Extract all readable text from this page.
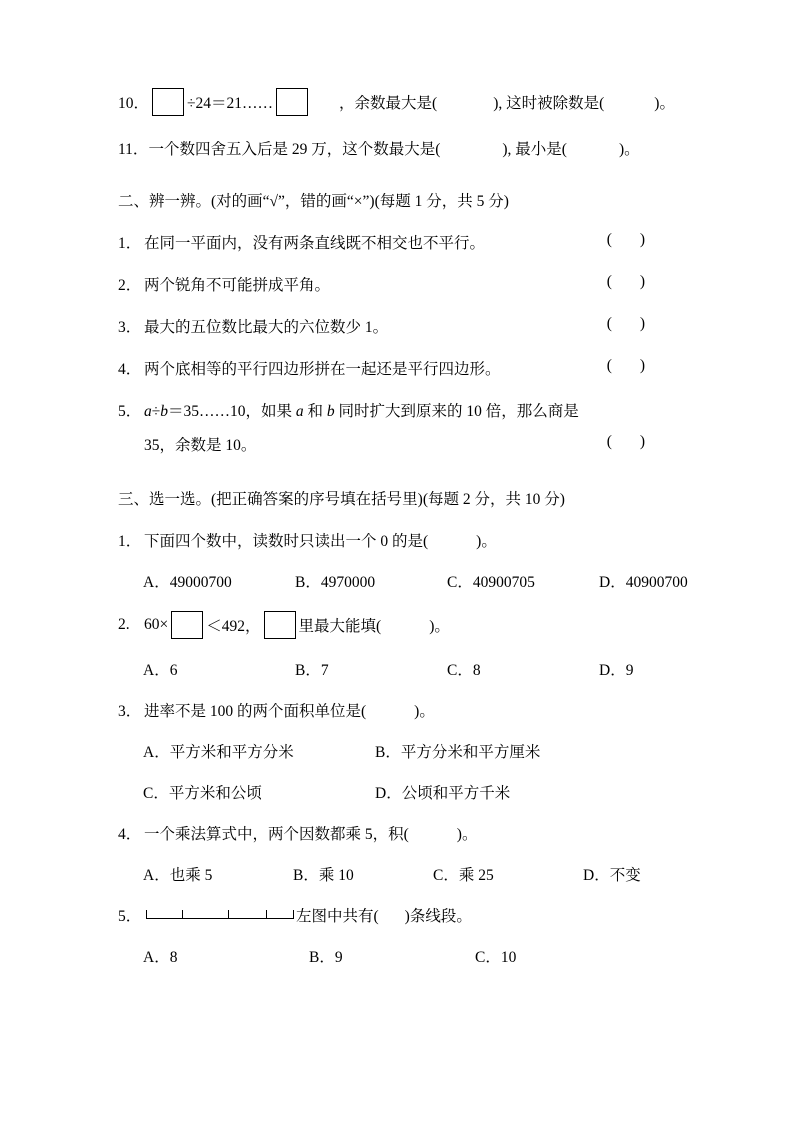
10． ÷24＝21……	，余数最大是(	), 这时被除数是(	)。
11． 一个数四舍五入后是 29 万，这个数最大是(	), 最小是(	)。
二、辨一辨。(对的画“√”，错的画“×”)(每题 1 分，共 5 分)
1． 在同一平面内，没有两条直线既不相交也不平行。	( )
2． 两个锐角不可能拼成平角。	( )
3． 最大的五位数比最大的六位数少 1。	( )
4． 两个底相等的平行四边形拼在一起还是平行四边形。	( )
5． a÷b＝35……10，如果 a 和 b 同时扩大到原来的 10 倍，那么商是
35，余数是 10。	( )
三、选一选。(把正确答案的序号填在括号里)(每题 2 分，共 10 分)
1． 下面四个数中，读数时只读出一个 0 的是(	)。
A．49000700	B．4970000	C．40900705	D．40900700
2. 60× ＜492， 里最大能填(	)。
A．6	B．7	C．8	D．9
3． 进率不是 100 的两个面积单位是(	)。
A．平方米和平方分米	B．平方分米和平方厘米
C．平方米和公顷	D．公顷和平方千米
4． 一个乘法算式中，两个因数都乘 5，积(	)。
A．也乘 5	B．乘 10	C．乘 25	D．不变
5．	左图中共有( )条线段。
A．8	B．9	C．10
